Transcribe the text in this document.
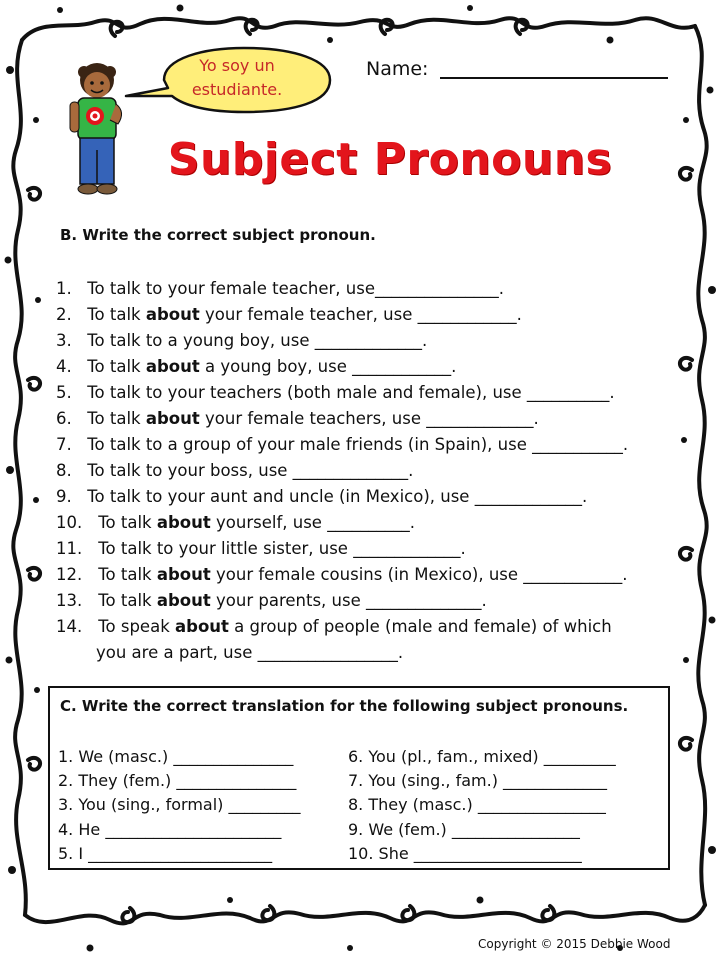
Yo soy un estudiante.
Name:
Subject Pronouns
B. Write the correct subject pronoun.
1. To talk to your female teacher, use_______________.
2. To talk about your female teacher, use ____________.
3. To talk to a young boy, use _____________.
4. To talk about a young boy, use ____________.
5. To talk to your teachers (both male and female), use __________.
6. To talk about your female teachers, use _____________.
7. To talk to a group of your male friends (in Spain), use ___________.
8. To talk to your boss, use ______________.
9. To talk to your aunt and uncle (in Mexico), use _____________.
10. To talk about yourself, use __________.
11. To talk to your little sister, use _____________.
12. To talk about your female cousins (in Mexico), use ____________.
13. To talk about your parents, use ______________.
14. To speak about a group of people (male and female) of which
you are a part, use _________________.
C. Write the correct translation for the following subject pronouns.
1. We (masc.) _______________
2. They (fem.) _______________
3. You (sing., formal) _________
4. He ______________________
5. I _______________________
6. You (pl., fam., mixed) _________
7. You (sing., fam.) _____________
8. They (masc.) ________________
9. We (fem.) ________________
10. She _____________________
Copyright © 2015 Debbie Wood
